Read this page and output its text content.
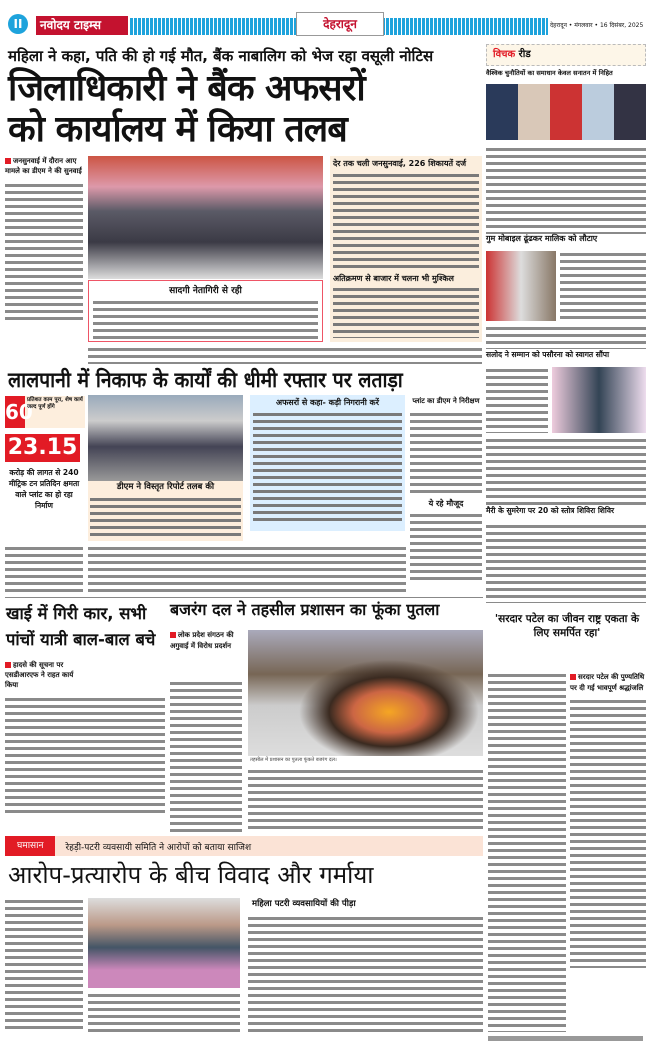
II	नवोदय टाइम्स	देहरादून	देहरादून • मंगलवार • 16 दिसंबर, 2025
महिला ने कहा, पति की हो गई मौत, बैंक नाबालिग को भेज रहा वसूली नोटिस
जिलाधिकारी ने बैंक अफसरों
को कार्यालय में किया तलब
जनसुनवाई में दौरान आए मामले का डीएम ने की सुनवाई
सादगी नेतागिरी से रही
देर तक चली जनसुनवाई, 226 शिकायतें दर्ज
अतिक्रमण से बाजार में चलना भी मुश्किल
विचक रीड
वैश्विक चुनौतियों का समाधान केवल सनातन में निहित
गुम मोबाइल ढूंढकर मालिक को लौटाए
सलोद ने सम्मान को पसौरना को स्वागत सौंपा
मैरी के सुमरेगा पर 20 को स्तोत्र शिविरा शिविर
लालपानी में निकाफ के कार्यों की धीमी रफ्तार पर लताड़ा
60
प्रतिशत काम पूरा, शेष कार्य जल्द पूर्ण होंगे
23.15
करोड़ की लागत से 240 मीट्रिक टन प्रतिदिन क्षमता वाले प्लांट का हो रहा निर्माण
डीएम ने विस्तृत रिपोर्ट तलब की
अफसरों से कहा- कड़ी निगरानी करें	प्लांट का डीएम ने निरीक्षण
ये रहे मौजूद
खाई में गिरी कार, सभी
पांचों यात्री बाल-बाल बचे
हादसे की सूचना पर एसडीआरएफ ने राहत कार्य किया
बजरंग दल ने तहसील प्रशासन का फूंका पुतला
लोक प्रदेश संगठन की अगुवाई में विरोध प्रदर्शन
तहसील में प्रशासन का पुतला फूंकते बजरंग दल।
'सरदार पटेल का जीवन राष्ट्र एकता के लिए समर्पित रहा'
सरदार पटेल की पुण्यतिथि पर दी गई भावपूर्ण श्रद्धांजलि
घमासान	रेहड़ी-पटरी व्यवसायी समिति ने आरोपों को बताया साजिश
आरोप-प्रत्यारोप के बीच विवाद और गर्माया
महिला पटरी व्यवसायियों की पीड़ा
